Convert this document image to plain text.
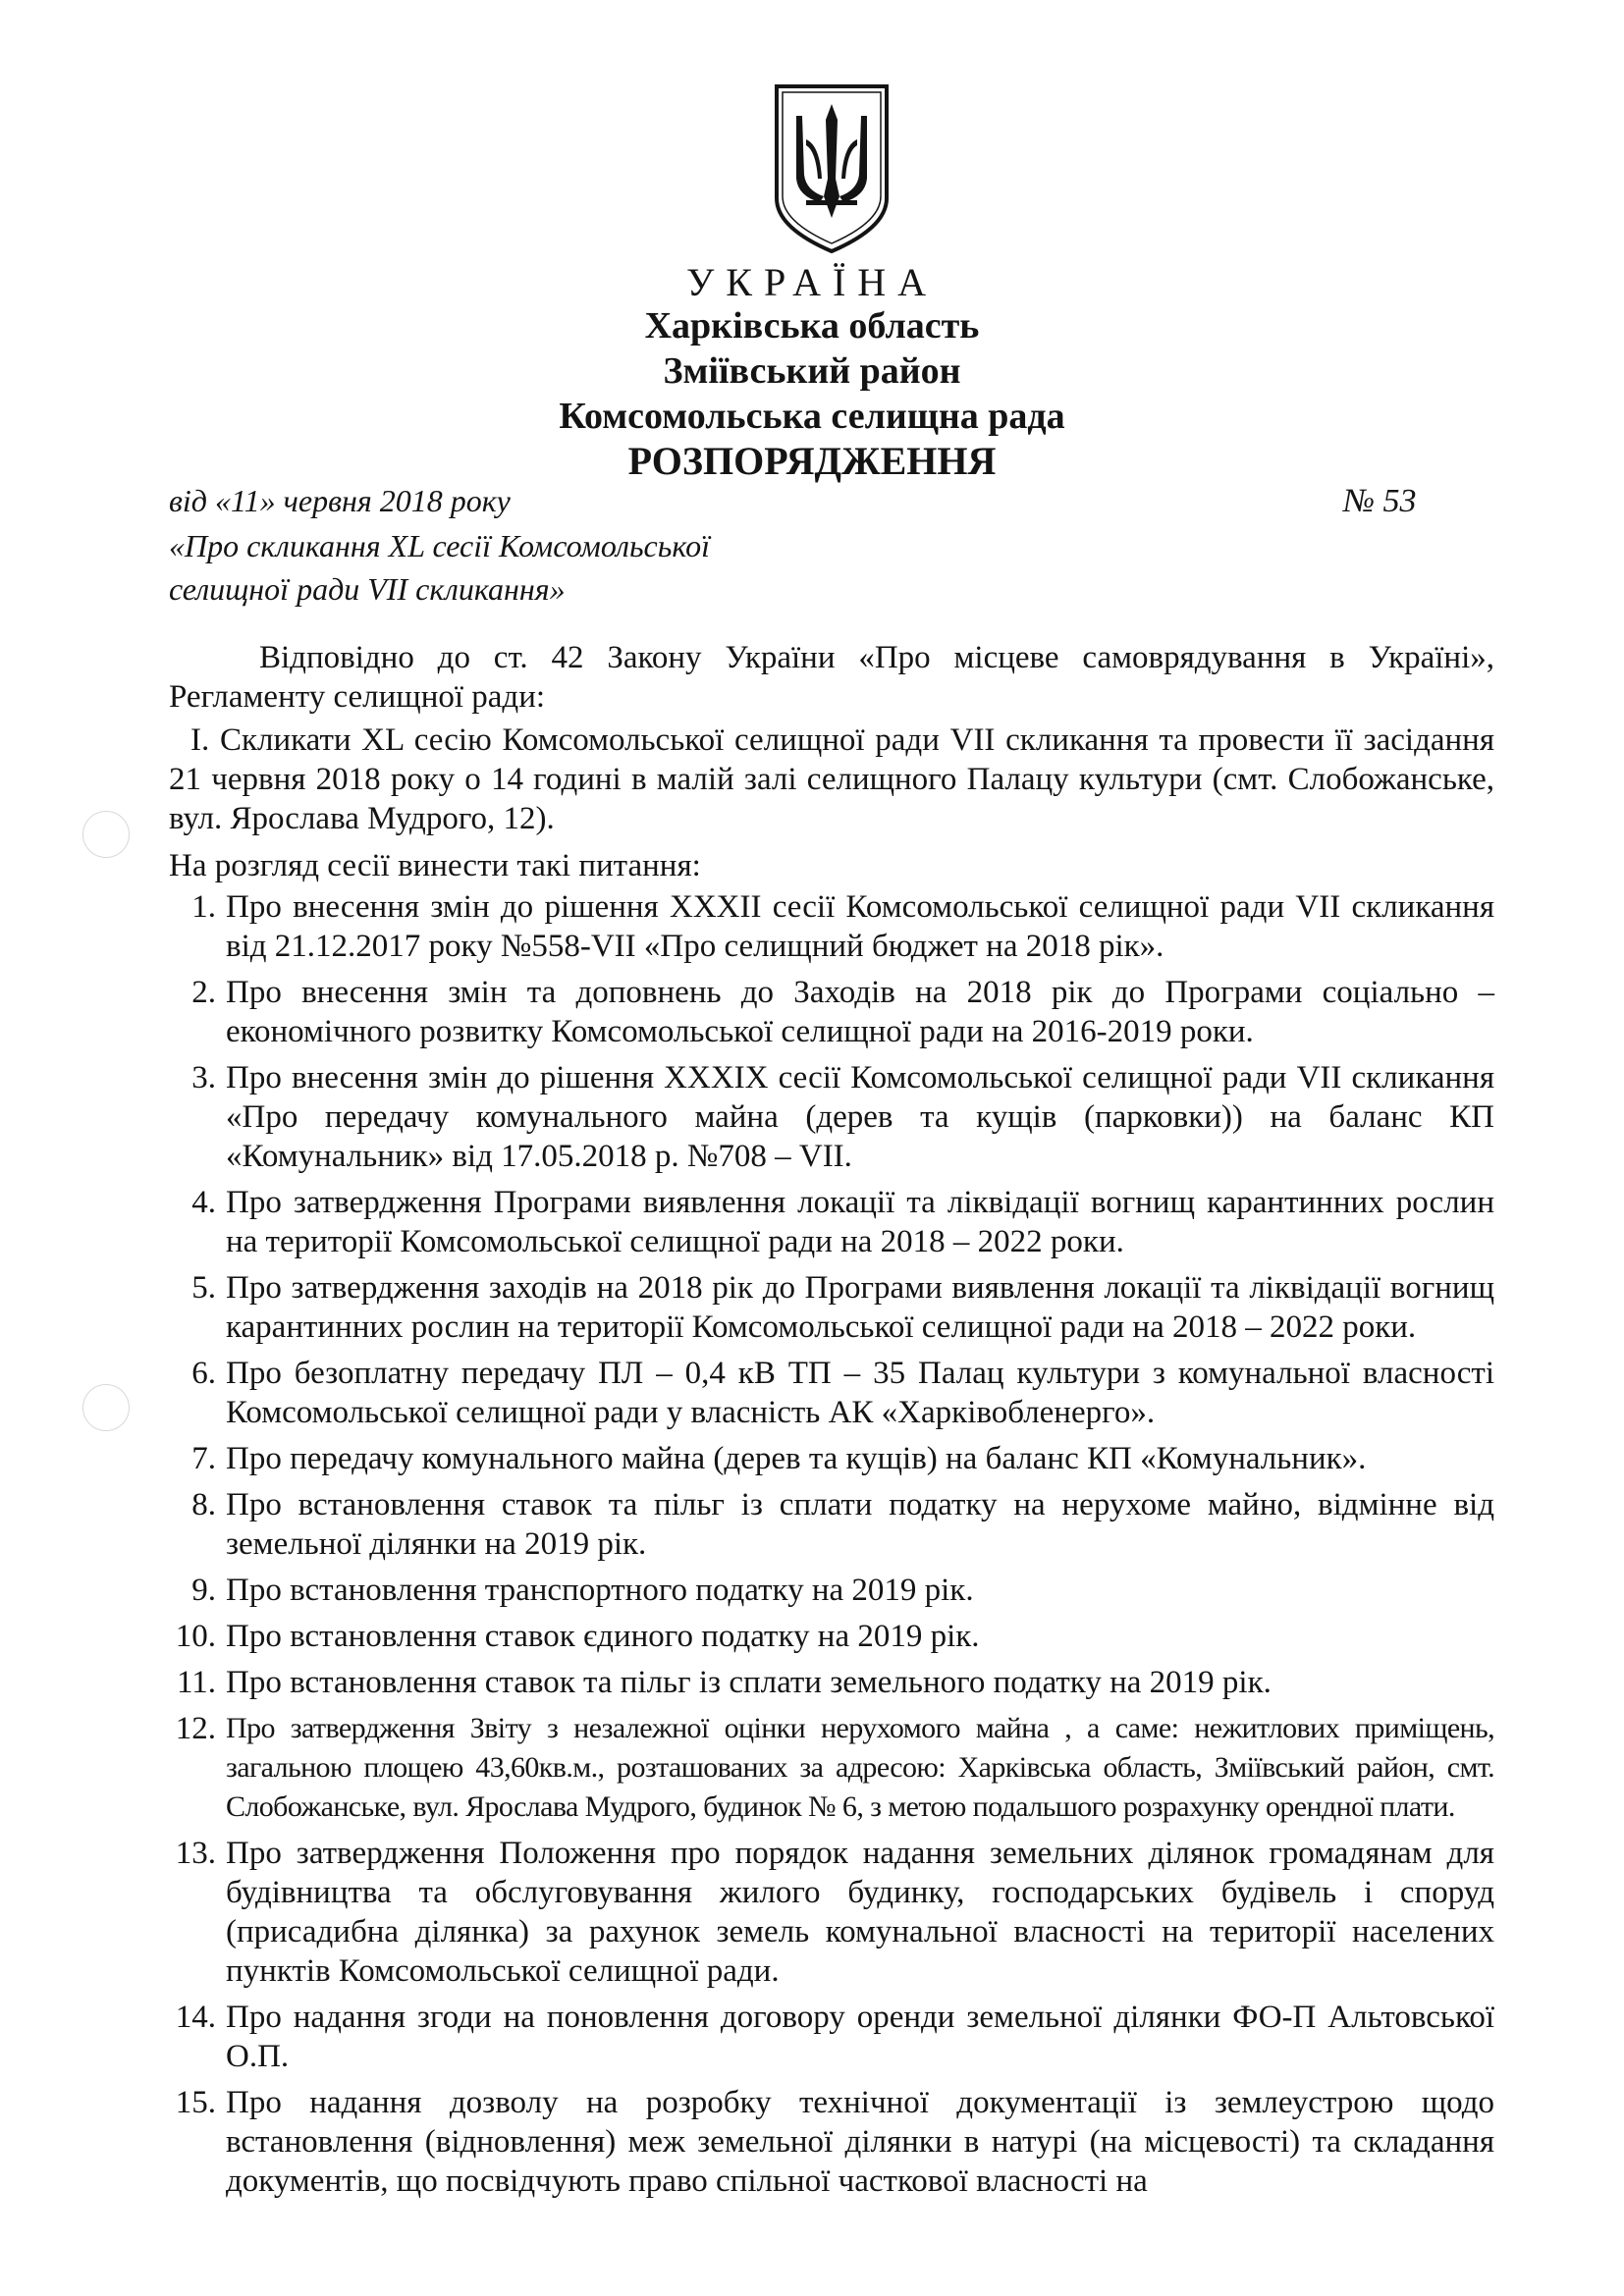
УКРАЇНА
Харківська область
Зміївський район
Комсомольська селищна рада
РОЗПОРЯДЖЕННЯ
від «11» червня 2018 року	№ 53
«Про скликання XL сесії Комсомольської
селищної ради VII скликання»
Відповідно до ст. 42 Закону України «Про місцеве самоврядування в Україні», Регламенту селищної ради:
І. Скликати XL сесію Комсомольської селищної ради VII скликання та провести її засідання 21 червня 2018 року о 14 годині в малій залі селищного Палацу культури (смт. Слобожанське, вул. Ярослава Мудрого, 12).
На розгляд сесії винести такі питання:
1. Про внесення змін до рішення XXXII сесії Комсомольської селищної ради VII скликання від 21.12.2017 року №558-VII «Про селищний бюджет на 2018 рік».
2. Про внесення змін та доповнень до Заходів на 2018 рік до Програми соціально – економічного розвитку Комсомольської селищної ради на 2016-2019 роки.
3. Про внесення змін до рішення XXXIX сесії Комсомольської селищної ради VII скликання «Про передачу комунального майна (дерев та кущів (парковки)) на баланс КП «Комунальник» від 17.05.2018 р. №708 – VII.
4. Про затвердження Програми виявлення локації та ліквідації вогнищ карантинних рослин на території Комсомольської селищної ради на 2018 – 2022 роки.
5. Про затвердження заходів на 2018 рік до Програми виявлення локації та ліквідації вогнищ карантинних рослин на території Комсомольської селищної ради на 2018 – 2022 роки.
6. Про безоплатну передачу ПЛ – 0,4 кВ ТП – 35 Палац культури з комунальної власності Комсомольської селищної ради у власність АК «Харківобленерго».
7. Про передачу комунального майна (дерев та кущів) на баланс КП «Комунальник».
8. Про встановлення ставок та пільг із сплати податку на нерухоме майно, відмінне від земельної ділянки на 2019 рік.
9. Про встановлення транспортного податку на 2019 рік.
10. Про встановлення ставок єдиного податку на 2019 рік.
11. Про встановлення ставок та пільг із сплати земельного податку на 2019 рік.
12. Про затвердження Звіту з незалежної оцінки нерухомого майна , а саме: нежитлових приміщень, загальною площею 43,60кв.м., розташованих за адресою: Харківська область, Зміївський район, смт. Слобожанське, вул. Ярослава Мудрого, будинок № 6, з метою подальшого розрахунку орендної плати.
13. Про затвердження Положення про порядок надання земельних ділянок громадянам для будівництва та обслуговування жилого будинку, господарських будівель і споруд (присадибна ділянка) за рахунок земель комунальної власності на території населених пунктів Комсомольської селищної ради.
14. Про надання згоди на поновлення договору оренди земельної ділянки ФО-П Альтовської О.П.
15. Про надання дозволу на розробку технічної документації із землеустрою щодо встановлення (відновлення) меж земельної ділянки в натурі (на місцевості) та складання документів, що посвідчують право спільної часткової власності на
